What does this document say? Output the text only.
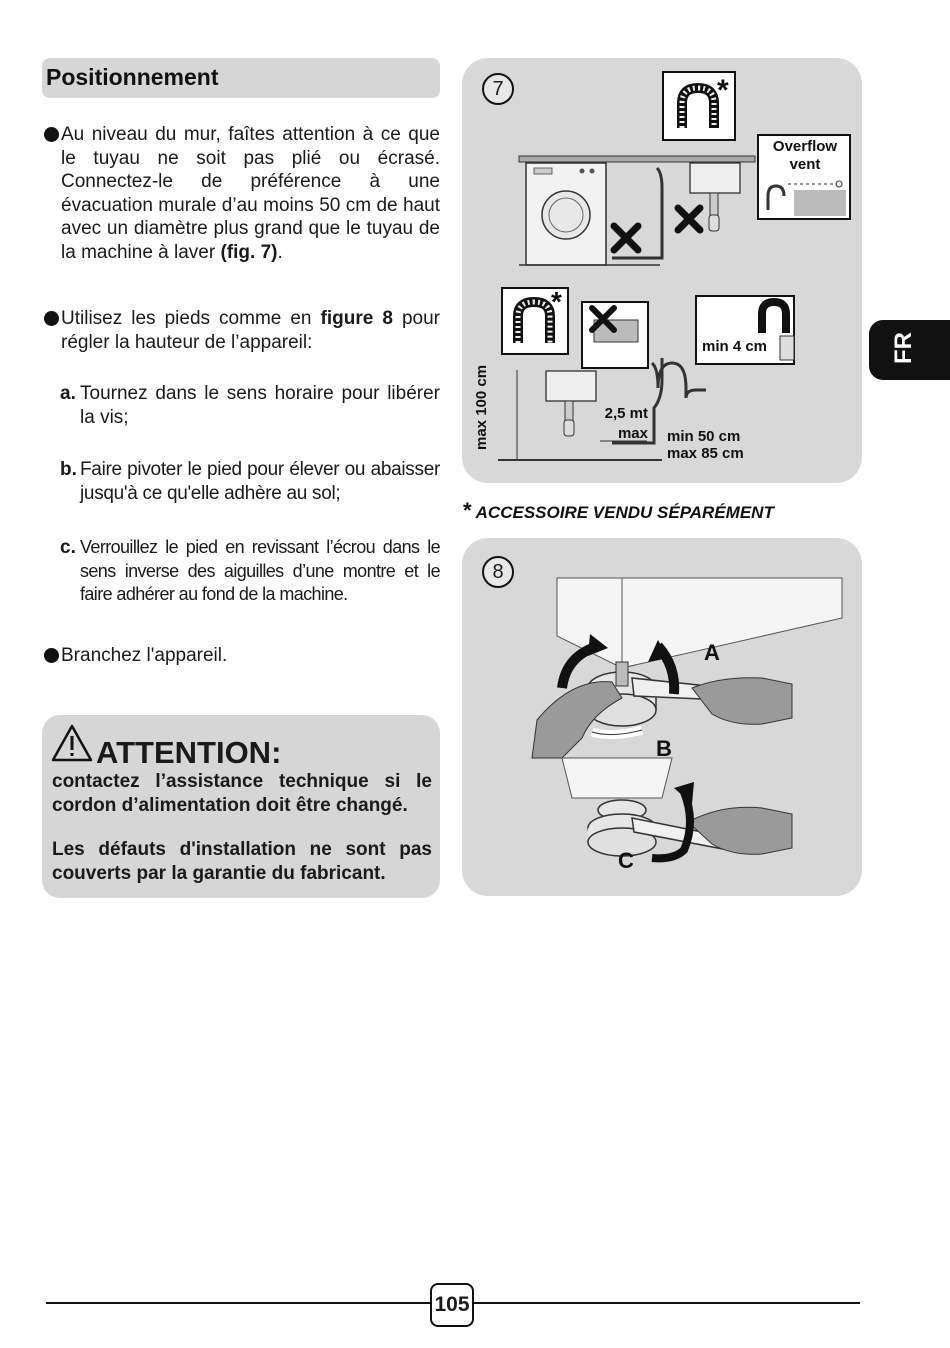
Positionnement
Au niveau du mur, faîtes attention à ce que le tuyau ne soit pas plié ou écrasé. Connectez-le de préférence à une évacuation murale d’au moins 50 cm de haut avec un diamètre plus grand que le tuyau de la machine à laver (fig. 7).
Utilisez les pieds comme en figure 8 pour régler la hauteur de l’appareil:
a. Tournez dans le sens horaire pour libérer la vis;
b. Faire pivoter le pied pour élever ou abaisser jusqu'à ce qu'elle adhère au sol;
c. Verrouillez le pied en revissant l’écrou dans le sens inverse des aiguilles d’une montre et le faire adhérer au fond de la machine.
Branchez l'appareil.
ATTENTION:
contactez l’assistance technique si le cordon d’alimentation doit être changé.
Les défauts d'installation ne sont pas couverts par la garantie du fabricant.
7	*
*
Overflow vent
min 4 cm
max 100 cm	2,5 mt max min 50 cm
max 85 cm
* ACCESSOIRE VENDU SÉPARÉMENT
8
A
B
C
FR
105
